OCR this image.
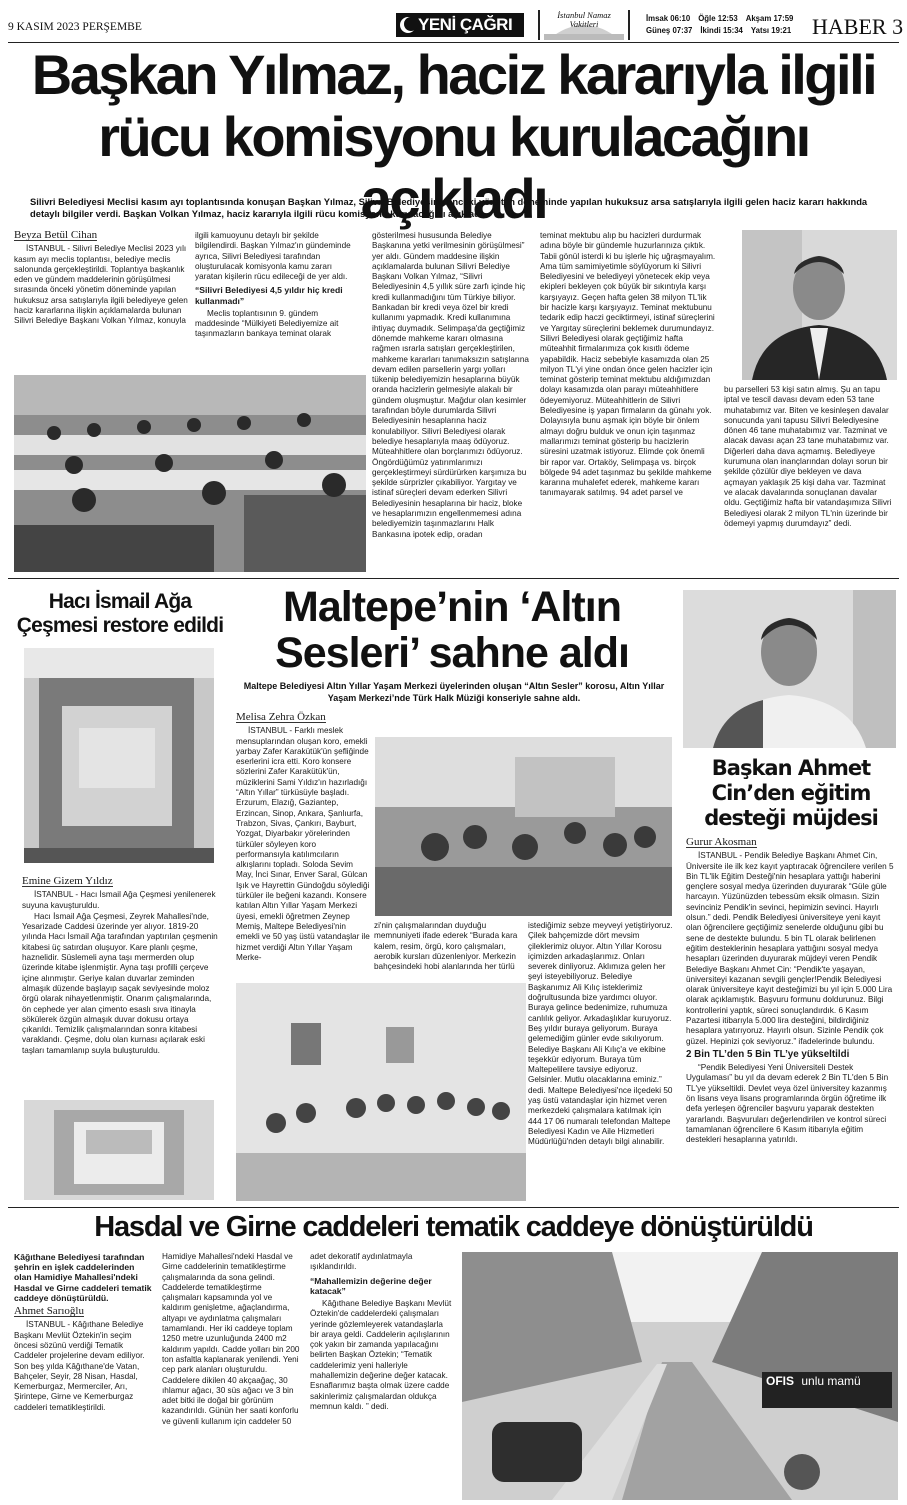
9 KASIM 2023 PERŞEMBE	YENİ ÇAĞRI	İstanbul Namaz Vakitleri
İmsak 06:10 Öğle 12:53 Akşam 17:59
Güneş 07:37 İkindi 15:34 Yatsı 19:21 HABER 3
Başkan Yılmaz, haciz kararıyla ilgili
rücu komisyonu kurulacağını açıkladı
Silivri Belediyesi Meclisi kasım ayı toplantısında konuşan Başkan Yılmaz, Silivri Belediyesine önceki yönetim döneminde yapılan hukuksuz arsa satışlarıyla ilgili gelen haciz kararı hakkında detaylı bilgiler verdi. Başkan Volkan Yılmaz, haciz kararıyla ilgili rücu komisyonu kurulacağını açıkladı.
Beyza Betül Cihan

İSTANBUL - Silivri Belediye Meclisi 2023 yılı kasım ayı meclis toplantısı, belediye meclis salonunda gerçekleştirildi. Toplantıya başkanlık eden ve gündem maddelerinin görüşülmesi sırasında önceki yönetim döneminde yapılan hukuksuz arsa satışlarıyla ilgili belediyeye gelen haciz kararlarına ilişkin açıklamalarda bulunan Silivri Belediye Başkanı Volkan Yılmaz, konuyla

ilgili kamuoyunu detaylı bir şekilde bilgilendirdi. Başkan Yılmaz'ın gündeminde ayrıca, Silivri Belediyesi tarafından oluşturulacak komisyonla kamu zararı yaratan kişilerin rücu edileceği de yer aldı.

“Silivri Belediyesi 4,5 yıldır hiç kredi kullanmadı”

Meclis toplantısının 9. gündem maddesinde “Mülkiyeti Belediyemize ait taşınmazların bankaya teminat olarak

gösterilmesi hususunda Belediye Başkanına yetki verilmesinin görüşülmesi” yer aldı. Gündem maddesine ilişkin açıklamalarda bulunan Silivri Belediye Başkanı Volkan Yılmaz, “Silivri Belediyesinin 4,5 yıllık süre zarfı içinde hiç kredi kullanmadığını tüm Türkiye biliyor. Bankadan bir kredi veya özel bir kredi kullanımı yapmadık. Kredi kullanımına ihtiyaç duymadık. Selimpaşa'da geçtiğimiz dönemde mahkeme kararı olmasına rağmen ısrarla satışları gerçekleştirilen, mahkeme kararları tanımaksızın satışlarına devam edilen parsellerin yargı yolları tükenip belediyemizin hesaplarına büyük oranda hacizlerin gelmesiyle alakalı bir gündem oluşmuştur. Mağdur olan kesimler tarafından böyle durumlarda Silivri Belediyesinin hesaplarına haciz konulabiliyor. Silivri Belediyesi olarak belediye hesaplarıyla maaş ödüyoruz. Müteahhitlere olan borçlarımızı ödüyoruz. Öngördüğümüz yatırımlarımızı gerçekleştirmeyi sürdürürken karşımıza bu şekilde sürprizler çıkabiliyor. Yargıtay ve istinaf süreçleri devam ederken Silivri Belediyesinin hesaplarına bir haciz, bloke ve hesaplarımızın engellenmemesi adına belediyemizin taşınmazlarını Halk Bankasına ipotek edip, oradan

teminat mektubu alıp bu hacizleri durdurmak adına böyle bir gündemle huzurlarınıza çıktık. Tabii gönül isterdi ki bu işlerle hiç uğraşmayalım. Ama tüm samimiyetimle söylüyorum ki Silivri Belediyesini ve belediyeyi yönetecek ekip veya ekipleri bekleyen çok büyük bir sıkıntıyla karşı karşıyayız. Geçen hafta gelen 38 milyon TL'lik bir hacizle karşı karşıyayız. Teminat mektubunu tedarik edip haczi geciktirmeyi, istinaf süreçlerini ve Yargıtay süreçlerini beklemek durumundayız. Silivri Belediyesi olarak geçtiğimiz hafta müteahhit firmalarımıza çok kısıtlı ödeme yapabildik. Haciz sebebiyle kasamızda olan 25 milyon TL'yi yine ondan önce gelen hacizler için teminat gösterip teminat mektubu aldığımızdan dolayı kasamızda olan parayı müteahhitlere ödeyemiyoruz. Müteahhitlerin de Silivri Belediyesine iş yapan firmaların da günahı yok. Dolayısıyla bunu aşmak için böyle bir önlem almayı doğru bulduk ve onun için taşınmaz mallarımızı teminat gösterip bu hacizlerin süresini uzatmak istiyoruz. Elimde çok önemli bir rapor var. Ortaköy, Selimpaşa vs. birçok bölgede 94 adet taşınmaz bu şekilde mahkeme kararına muhalefet ederek, mahkeme kararı tanımayarak satılmış. 94 adet parsel ve

bu parselleri 53 kişi satın almış. Şu an tapu iptal ve tescil davası devam eden 53 tane muhatabımız var. Biten ve kesinleşen davalar sonucunda yani tapusu Silivri Belediyesine dönen 46 tane muhatabımız var. Tazminat ve alacak davası açan 23 tane muhatabımız var. Diğerleri daha dava açmamış. Belediyeye kurumuna olan inançlarından dolayı sorun bir şekilde çözülür diye bekleyen ve dava açmayan yaklaşık 25 kişi daha var. Tazminat ve alacak davalarında sonuçlanan davalar oldu. Geçtiğimiz hafta bir vatandaşımıza Silivri Belediyesi olarak 2 milyon TL'nin üzerinde bir ödemeyi yapmış durumdayız” dedi.

Hacı İsmail Ağa
Çeşmesi restore edildi
Emine Gizem Yıldız

İSTANBUL - Hacı İsmail Ağa Çeşmesi yenilenerek suyuna kavuşturuldu.

Hacı İsmail Ağa Çeşmesi, Zeyrek Mahallesi'nde, Yesarizade Caddesi üzerinde yer alıyor. 1819-20 yılında Hacı İsmail Ağa tarafından yaptırılan çeşmenin kitabesi üç satırdan oluşuyor. Kare planlı çeşme, haznelidir. Süslemeli ayna taşı mermerden olup üzerinde kitabe işlenmiştir. Ayna taşı profilli çerçeve içine alınmıştır. Geriye kalan duvarlar zeminden almaşık düzende başlayıp saçak seviyesinde moloz örgü olarak nihayetlenmiştir. Onarım çalışmalarında, ön cephede yer alan çimento esaslı sıva itinayla sökülerek özgün almaşık duvar dokusu ortaya çıkarıldı. Temizlik çalışmalarından sonra kitabesi varaklandı. Çeşme, dolu olan kurnası açılarak eski taşları tamamlanıp suyla buluşturuldu.

Maltepe’nin ‘Altın
Sesleri’ sahne aldı
Maltepe Belediyesi Altın Yıllar Yaşam Merkezi üyelerinden oluşan “Altın Sesler” korosu, Altın Yıllar Yaşam Merkezi’nde Türk Halk Müziği konseriyle sahne aldı.
Melisa Zehra Özkan

İSTANBUL - Farklı meslek mensuplarından oluşan koro, emekli yarbay Zafer Karakütük'ün şefliğinde eserlerini icra etti. Koro konsere sözlerini Zafer Karakütük'ün, müziklerini Sami Yıldız'ın hazırladığı “Altın Yıllar” türküsüyle başladı. Erzurum, Elazığ, Gaziantep, Erzincan, Sinop, Ankara, Şanlıurfa, Trabzon, Sivas, Çankırı, Bayburt, Yozgat, Diyarbakır yörelerinden türküler söyleyen koro performansıyla katılımcıların alkışlarını topladı. Soloda Sevim May, İnci Sınar, Enver Saral, Gülcan Işık ve Hayrettin Gündoğdu söylediği türküler ile beğeni kazandı. Konsere katılan Altın Yıllar Yaşam Merkezi üyesi, emekli öğretmen Zeynep Memiş, Maltepe Belediyesi'nin emekli ve 50 yaş üstü vatandaşlar ile hizmet verdiği Altın Yıllar Yaşam Merke-

zi'nin çalışmalarından duyduğu memnuniyeti ifade ederek “Burada kara kalem, resim, örgü, koro çalışmaları, aerobik kursları düzenleniyor. Merkezin bahçesindeki hobi alanlarında her türlü

istediğimiz sebze meyveyi yetiştiriyoruz. Çilek bahçemizde dört mevsim çileklerimiz oluyor. Altın Yıllar Korosu içimizden arkadaşlarımız. Onları severek dinliyoruz. Aklımıza gelen her şeyi isteyebiliyoruz. Belediye Başkanımız Ali Kılıç isteklerimiz doğrultusunda bize yardımcı oluyor. Buraya gelince bedenimize, ruhumuza canlılık geliyor. Arkadaşlıklar kuruyoruz. Beş yıldır buraya geliyorum. Buraya gelemediğim günler evde sıkılıyorum. Belediye Başkanı Ali Kılıç'a ve ekibine teşekkür ediyorum. Buraya tüm Maltepelilere tavsiye ediyoruz. Gelsinler. Mutlu olacaklarına eminiz.” dedi. Maltepe Belediyesi'nce ilçedeki 50 yaş üstü vatandaşlar için hizmet veren merkezdeki çalışmalara katılmak için 444 17 06 numaralı telefondan Maltepe Belediyesi Kadın ve Aile Hizmetleri Müdürlüğü'nden detaylı bilgi alınabilir.

Başkan Ahmet
Cin’den eğitim
desteği müjdesi
Gurur Akosman

İSTANBUL - Pendik Belediye Başkanı Ahmet Cin, Üniversite ile ilk kez kayıt yaptıracak öğrencilere verilen 5 Bin TL'lik Eğitim Desteği'nin hesaplara yattığı haberini gençlere sosyal medya üzerinden duyurarak “Güle güle harcayın. Yüzünüzden tebessüm eksik olmasın. Sizin sevinciniz Pendik'in sevinci, hepimizin sevinci. Hayırlı olsun.” dedi. Pendik Belediyesi üniversiteye yeni kayıt olan öğrencilere geçtiğimiz senelerde olduğunu gibi bu sene de destekte bulundu. 5 bin TL olarak belirlenen eğitim desteklerinin hesaplara yattığını sosyal medya hesapları üzerinden duyurarak müjdeyi veren Pendik Belediye Başkanı Ahmet Cin: “Pendik'te yaşayan, üniversiteyi kazanan sevgili gençler!Pendik Belediyesi olarak üniversiteye kayıt desteğimizi bu yıl için 5.000 Lira olarak açıklamıştık. Başvuru formunu doldurunuz. Bilgi kontrollerini yaptık, süreci sonuçlandırdık. 6 Kasım Pazartesi itibarıyla 5.000 lira desteğini, bildirdiğiniz hesaplara yatırıyoruz. Hayırlı olsun. Sizinle Pendik çok güzel. Hepinizi çok seviyoruz.” ifadelerinde bulundu.

2 Bin TL’den 5 Bin TL’ye yükseltildi

“Pendik Belediyesi Yeni Üniversiteli Destek Uygulaması” bu yıl da devam ederek 2 Bin TL'den 5 Bin TL'ye yükseltildi. Devlet veya özel üniversitey kazanmış ön lisans veya lisans programlarında örgün öğretime ilk defa yerleşen öğrenciler başvuru yaparak destekten yararlandı. Başvuruları değerlendirilen ve kontrol süreci tamamlanan öğrencilere 6 Kasım itibarıyla eğitim destekleri hesaplarına yatırıldı.

Hasdal ve Girne caddeleri tematik caddeye dönüştürüldü
Kâğıthane Belediyesi tarafından şehrin en işlek caddelerinden olan Hamidiye Mahallesi'ndeki Hasdal ve Girne caddeleri tematik caddeye dönüştürüldü.
Ahmet Sarıoğlu

İSTANBUL - Kâğıthane Belediye Başkanı Mevlüt Öztekin'in seçim öncesi sözünü verdiği Tematik Caddeler projelerine devam ediliyor. Son beş yılda Kâğıthane'de Vatan, Bahçeler, Seyir, 28 Nisan, Hasdal, Kemerburgaz, Mermerciler, Arı, Şirintepe, Girne ve Kemerburgaz caddeleri tematikleştirildi.

Hamidiye Mahallesi'ndeki Hasdal ve Girne caddelerinin tematikleştirme çalışmalarında da sona gelindi. Caddelerde tematikleştirme çalışmaları kapsamında yol ve kaldırım genişletme, ağaçlandırma, altyapı ve aydınlatma çalışmaları tamamlandı. Her iki caddeye toplam 1250 metre uzunluğunda 2400 m2 kaldırım yapıldı. Cadde yolları bin 200 ton asfaltla kaplanarak yenilendi. Yeni cep park alanları oluşturuldu. Caddelere dikilen 40 akçaağaç, 30 ıhlamur ağacı, 30 süs ağacı ve 3 bin adet bitki ile doğal bir görünüm kazandırıldı. Günün her saati konforlu ve güvenli kullanım için caddeler 50

adet dekoratif aydınlatmayla ışıklandırıldı.

“Mahallemizin değerine değer katacak”

Kâğıthane Belediye Başkanı Mevlüt Öztekin'de caddelerdeki çalışmaları yerinde gözlemleyerek vatandaşlarla bir araya geldi. Caddelerin açılışlarının çok yakın bir zamanda yapılacağını belirten Başkan Öztekin; “Tematik caddelerimiz yeni halleriyle mahallemizin değerine değer katacak. Esnaflarımız başta olmak üzere cadde sakinlerimiz çalışmalardan oldukça memnun kaldı. ” dedi.

OFIS unlu mamü
